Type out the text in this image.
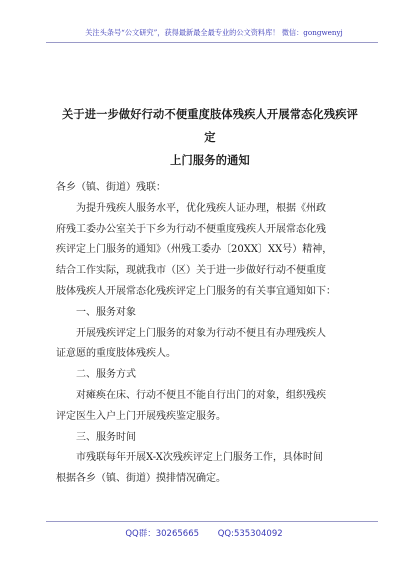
关注头条号“公文研究”，获得最新最全最专业的公文资料库！ 微信：gongwenyj
关于进一步做好行动不便重度肢体残疾人开展常态化残疾评定
上门服务的通知

各乡（镇、街道）残联：

为提升残疾人服务水平，优化残疾人证办理，根据《州政

府残工委办公室关于下乡为行动不便重度残疾人开展常态化残

疾评定上门服务的通知》（州残工委办〔20XX〕XX号）精神，

结合工作实际，现就我市（区）关于进一步做好行动不便重度

肢体残疾人开展常态化残疾评定上门服务的有关事宜通知如下：

一、服务对象

开展残疾评定上门服务的对象为行动不便且有办理残疾人

证意愿的重度肢体残疾人。

二、服务方式

对瘫痪在床、行动不便且不能自行出门的对象，组织残疾

评定医生入户上门开展残疾鉴定服务。

三、服务时间

市残联每年开展X-X次残疾评定上门服务工作，具体时间

根据各乡（镇、街道）摸排情况确定。

QQ群：30265665 QQ:535304092
